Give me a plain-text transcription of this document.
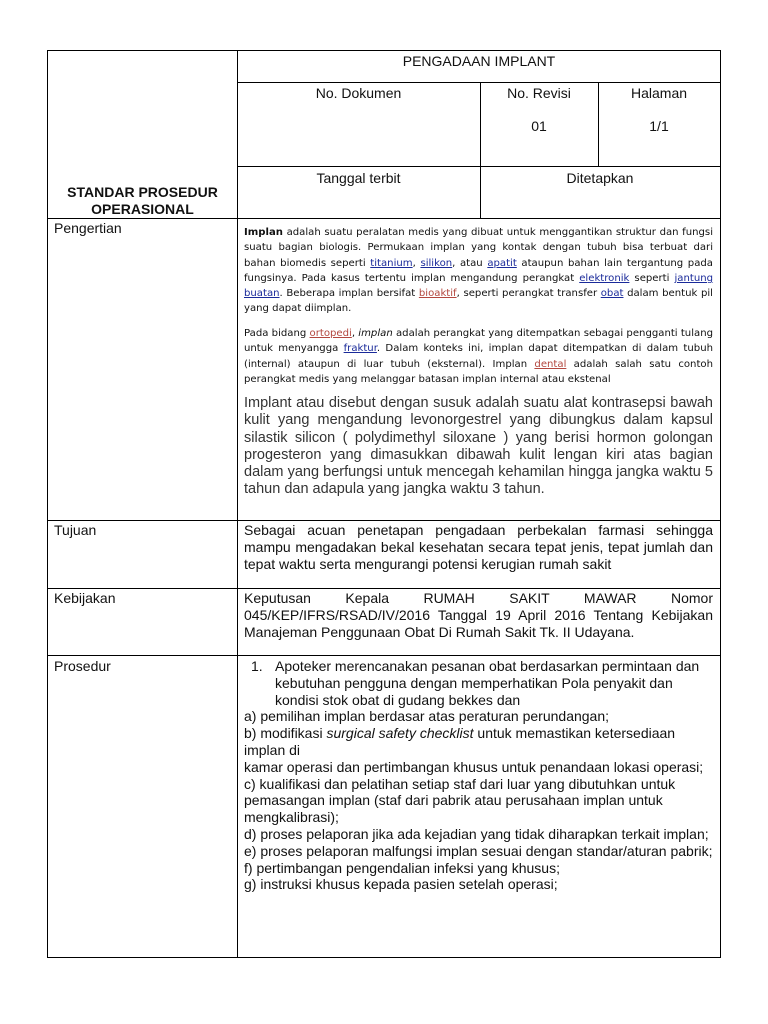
PENGADAAN IMPLANT
No. Dokumen	No. Revisi
01
Halaman
1/1
Tanggal terbit	Ditetapkan
STANDAR PROSEDUR
OPERASIONAL
Pengertian
Tujuan
Kebijakan
Prosedur
Implan adalah suatu peralatan medis yang dibuat untuk menggantikan struktur dan fungsi suatu bagian biologis. Permukaan implan yang kontak dengan tubuh bisa terbuat dari bahan biomedis seperti titanium, silikon, atau apatit ataupun bahan lain tergantung pada fungsinya. Pada kasus tertentu implan mengandung perangkat elektronik seperti jantung buatan. Beberapa implan bersifat bioaktif, seperti perangkat transfer obat dalam bentuk pil yang dapat diimplan.
Pada bidang ortopedi, implan adalah perangkat yang ditempatkan sebagai pengganti tulang untuk menyangga fraktur. Dalam konteks ini, implan dapat ditempatkan di dalam tubuh (internal) ataupun di luar tubuh (eksternal). Implan dental adalah salah satu contoh perangkat medis yang melanggar batasan implan internal atau ekstenal
Implant atau disebut dengan susuk adalah suatu alat kontrasepsi bawah kulit yang mengandung levonorgestrel yang dibungkus dalam kapsul silastik silicon ( polydimethyl siloxane ) yang berisi hormon golongan progesteron yang dimasukkan dibawah kulit lengan kiri atas bagian dalam yang berfungsi untuk mencegah kehamilan hingga jangka waktu 5 tahun dan adapula yang jangka waktu 3 tahun.
Sebagai acuan penetapan pengadaan perbekalan farmasi sehingga mampu mengadakan bekal kesehatan secara tepat jenis, tepat jumlah dan tepat waktu serta mengurangi potensi kerugian rumah sakit
Keputusan Kepala RUMAH SAKIT MAWAR Nomor 045/KEP/IFRS/RSAD/IV/2016 Tanggal 19 April 2016 Tentang Kebijakan Manajeman Penggunaan Obat Di Rumah Sakit Tk. II Udayana.
1. Apoteker merencanakan pesanan obat berdasarkan permintaan dan kebutuhan pengguna dengan memperhatikan Pola penyakit dan kondisi stok obat di gudang bekkes dan
a) pemilihan implan berdasar atas peraturan perundangan;
b) modifikasi surgical safety checklist untuk memastikan ketersediaan implan di
kamar operasi dan pertimbangan khusus untuk penandaan lokasi operasi;
c) kualifikasi dan pelatihan setiap staf dari luar yang dibutuhkan untuk
pemasangan implan (staf dari pabrik atau perusahaan implan untuk mengkalibrasi);
d) proses pelaporan jika ada kejadian yang tidak diharapkan terkait implan;
e) proses pelaporan malfungsi implan sesuai dengan standar/aturan pabrik;
f) pertimbangan pengendalian infeksi yang khusus;
g) instruksi khusus kepada pasien setelah operasi;
